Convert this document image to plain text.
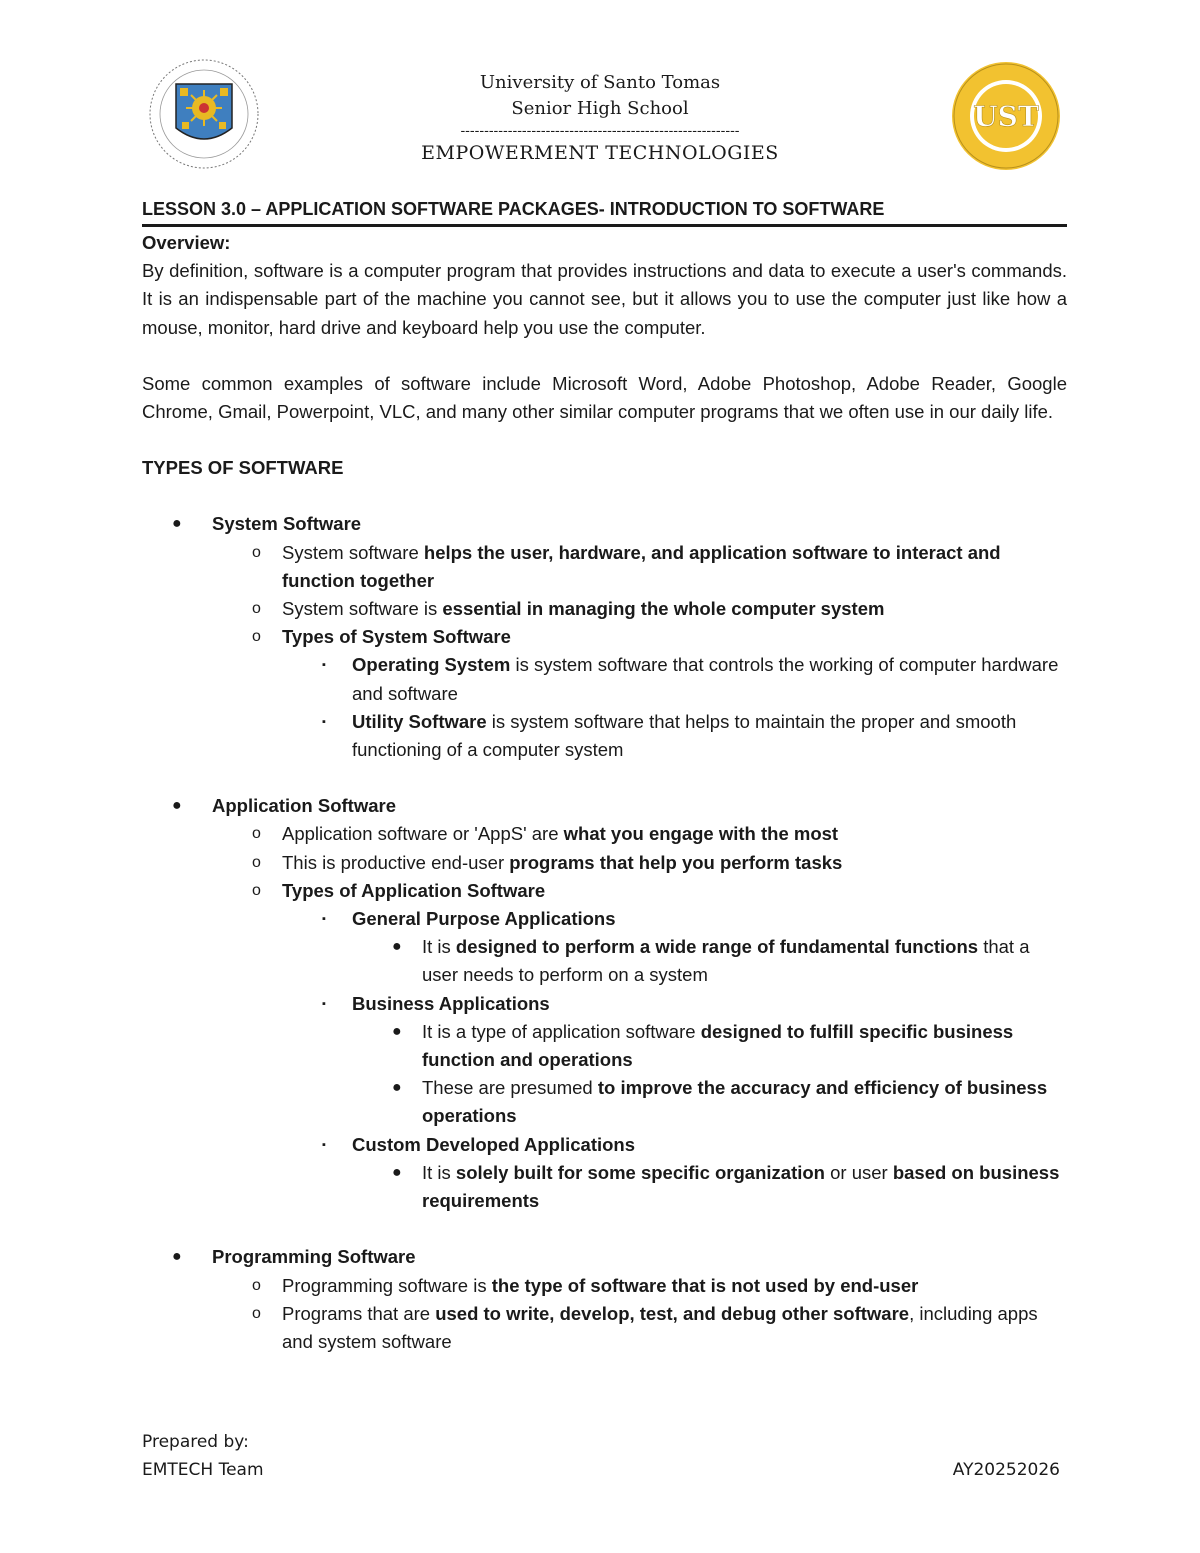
University of Santo Tomas
Senior High School
-----------------------------------------------------------
EMPOWERMENT TECHNOLOGIES
UST
LESSON 3.0 – APPLICATION SOFTWARE PACKAGES- INTRODUCTION TO SOFTWARE
Overview:

By definition, software is a computer program that provides instructions and data to execute a user's commands. It is an indispensable part of the machine you cannot see, but it allows you to use the computer just like how a mouse, monitor, hard drive and keyboard help you use the computer.

Some common examples of software include Microsoft Word, Adobe Photoshop, Adobe Reader, Google Chrome, Gmail, Powerpoint, VLC, and many other similar computer programs that we often use in our daily life.

TYPES OF SOFTWARE
● System Software
o System software helps the user, hardware, and application software to interact and function together
o System software is essential in managing the whole computer system
o Types of System Software
▪ Operating System is system software that controls the working of computer hardware and software
▪ Utility Software is system software that helps to maintain the proper and smooth functioning of a computer system
● Application Software
o Application software or 'AppS' are what you engage with the most
o This is productive end-user programs that help you perform tasks
o Types of Application Software
▪ General Purpose Applications
● It is designed to perform a wide range of fundamental functions that a user needs to perform on a system
▪ Business Applications
● It is a type of application software designed to fulfill specific business function and operations
● These are presumed to improve the accuracy and efficiency of business operations
▪ Custom Developed Applications
● It is solely built for some specific organization or user based on business requirements
● Programming Software
o Programming software is the type of software that is not used by end-user
o Programs that are used to write, develop, test, and debug other software, including apps and system software
Prepared by:
EMTECH Team	AY20252026
